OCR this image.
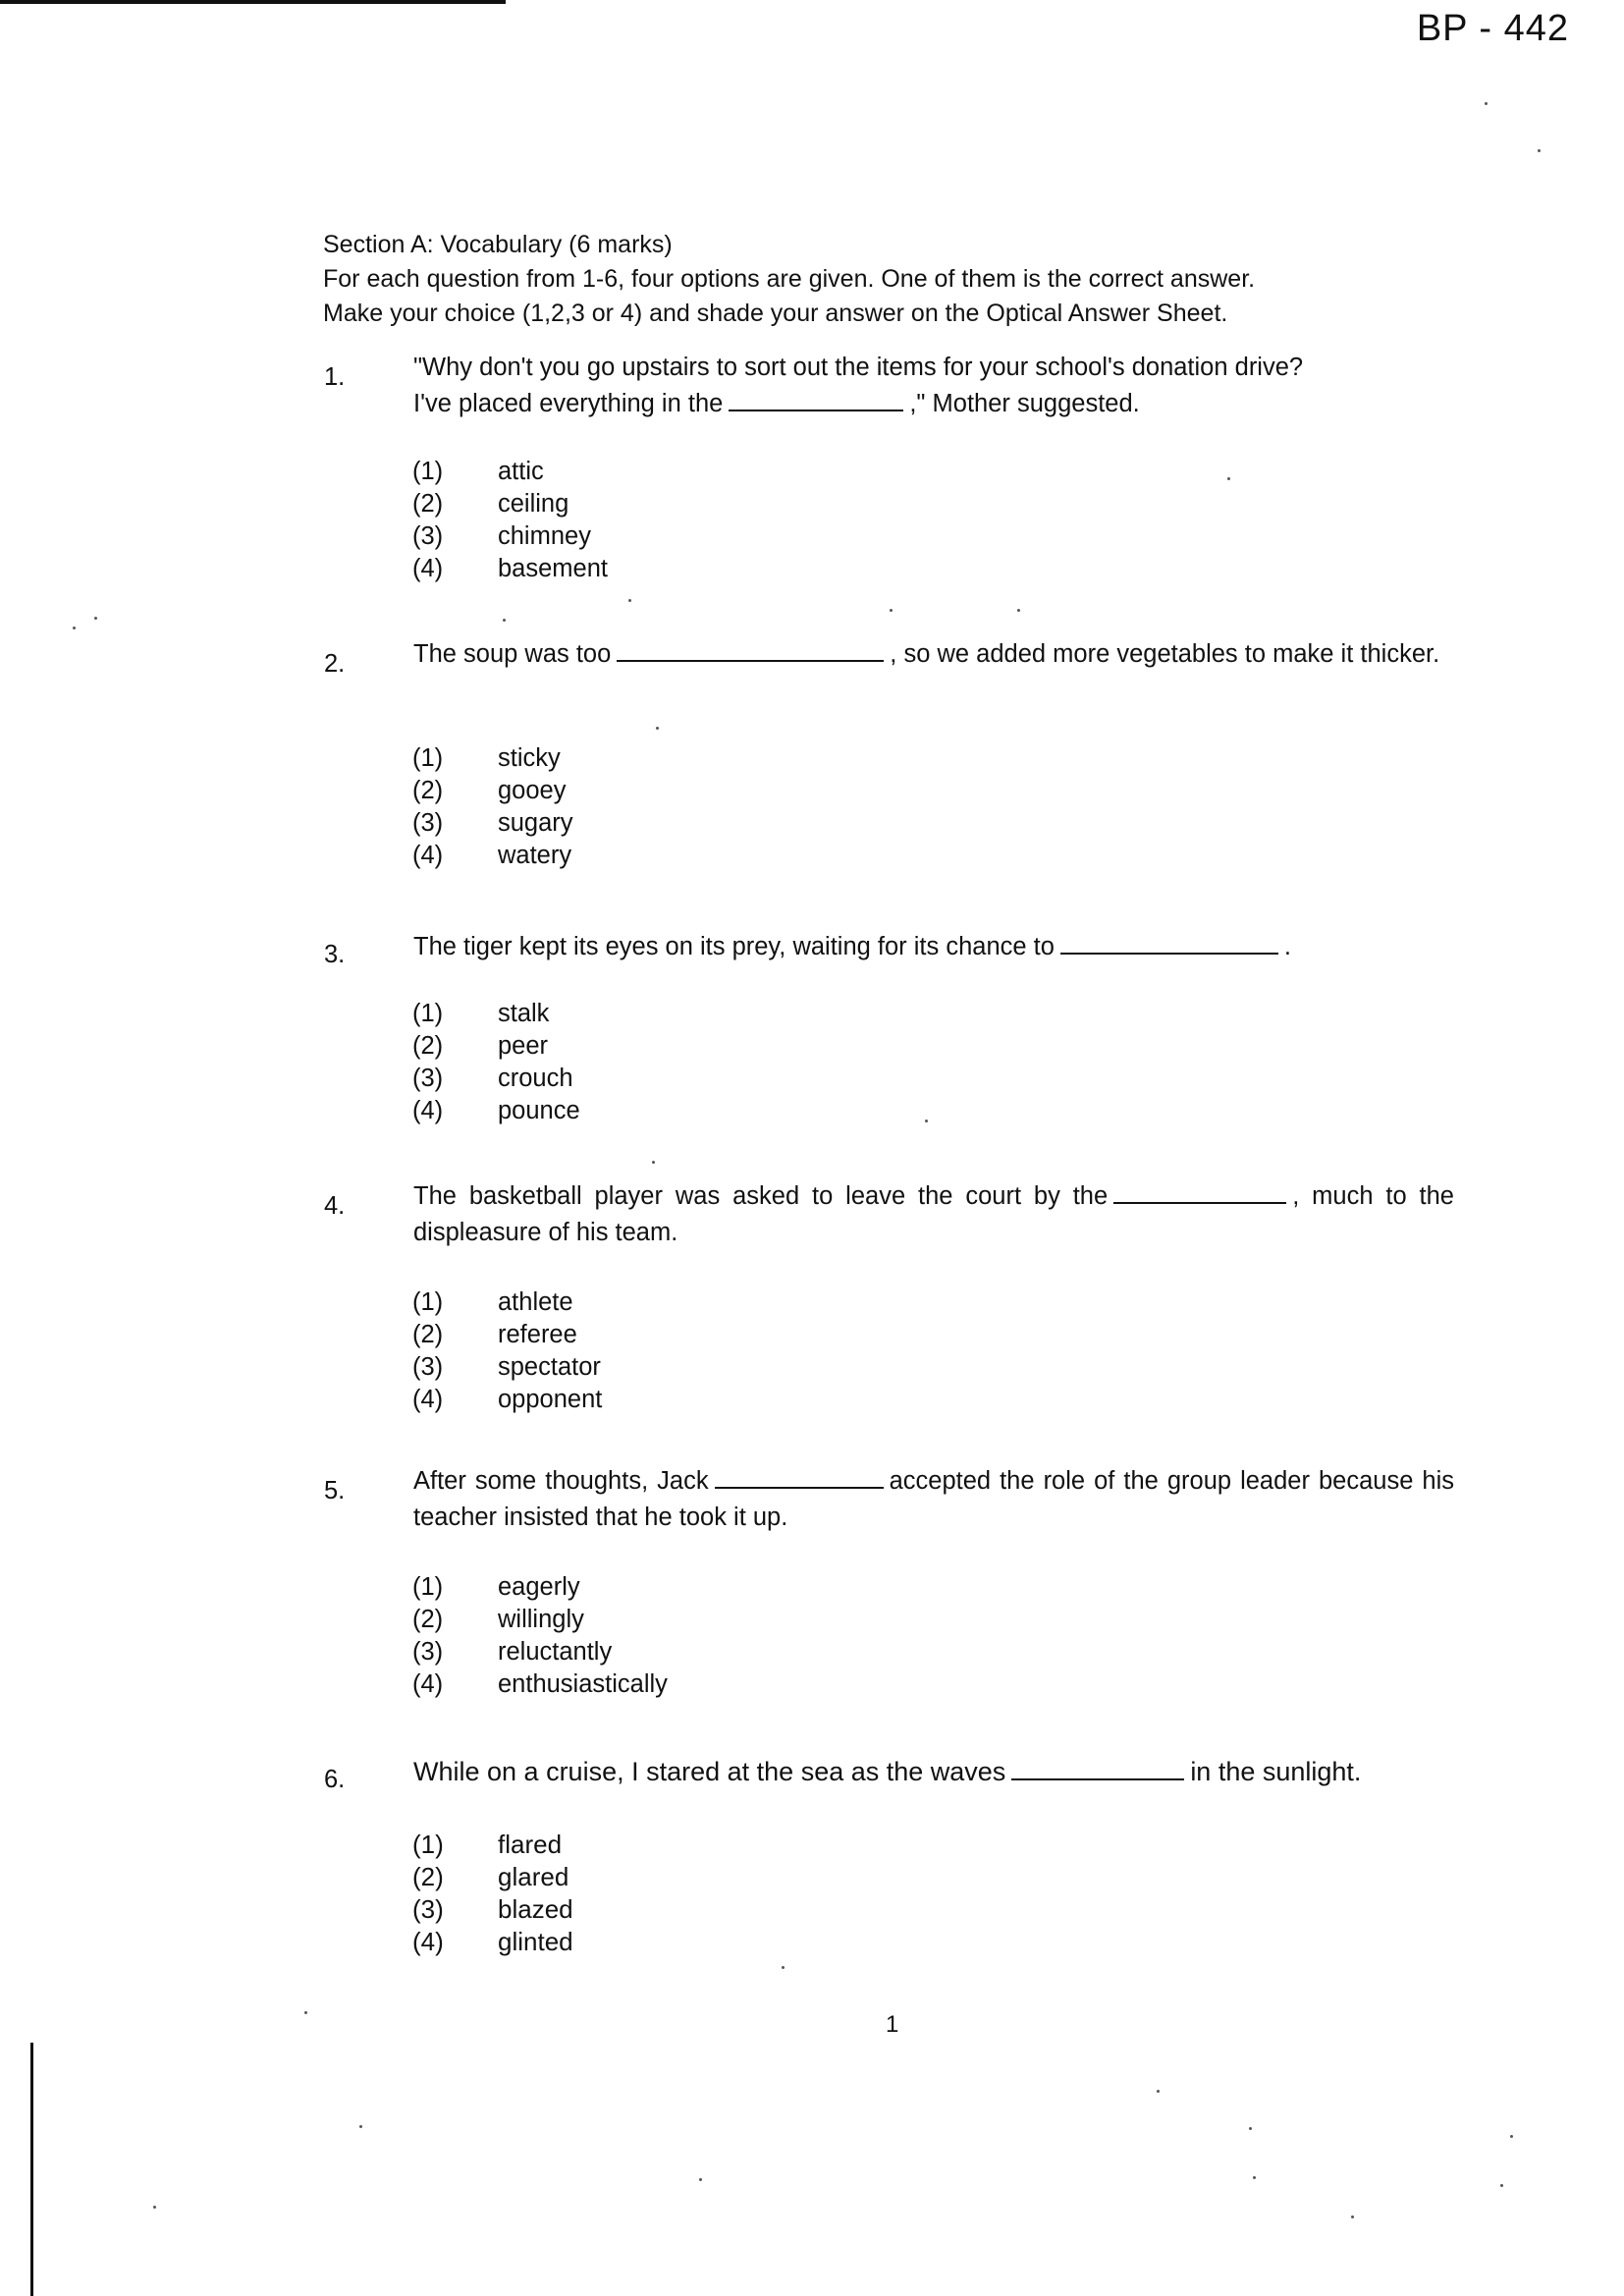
BP - 442
Section A: Vocabulary (6 marks)
For each question from 1-6, four options are given. One of them is the correct answer.
Make your choice (1,2,3 or 4) and shade your answer on the Optical Answer Sheet.
1.	"Why don't you go upstairs to sort out the items for your school's donation drive?
I've placed everything in the	," Mother suggested.
(1) attic
(2) ceiling
(3) chimney
(4) basement
2.	The soup was too	, so we added more vegetables to make it thicker.
(1) sticky
(2) gooey
(3) sugary
(4) watery
3.	The tiger kept its eyes on its prey, waiting for its chance to	.
(1) stalk
(2) peer
(3) crouch
(4) pounce
4.	The basketball player was asked to leave the court by the	, much to the displeasure of his team.
(1) athlete
(2) referee
(3) spectator
(4) opponent
5.	After some thoughts, Jack	accepted the role of the group leader because his teacher insisted that he took it up.
(1) eagerly
(2) willingly
(3) reluctantly
(4) enthusiastically
6.	While on a cruise, I stared at the sea as the waves	in the sunlight.
(1) flared
(2) glared
(3) blazed
(4) glinted
1
